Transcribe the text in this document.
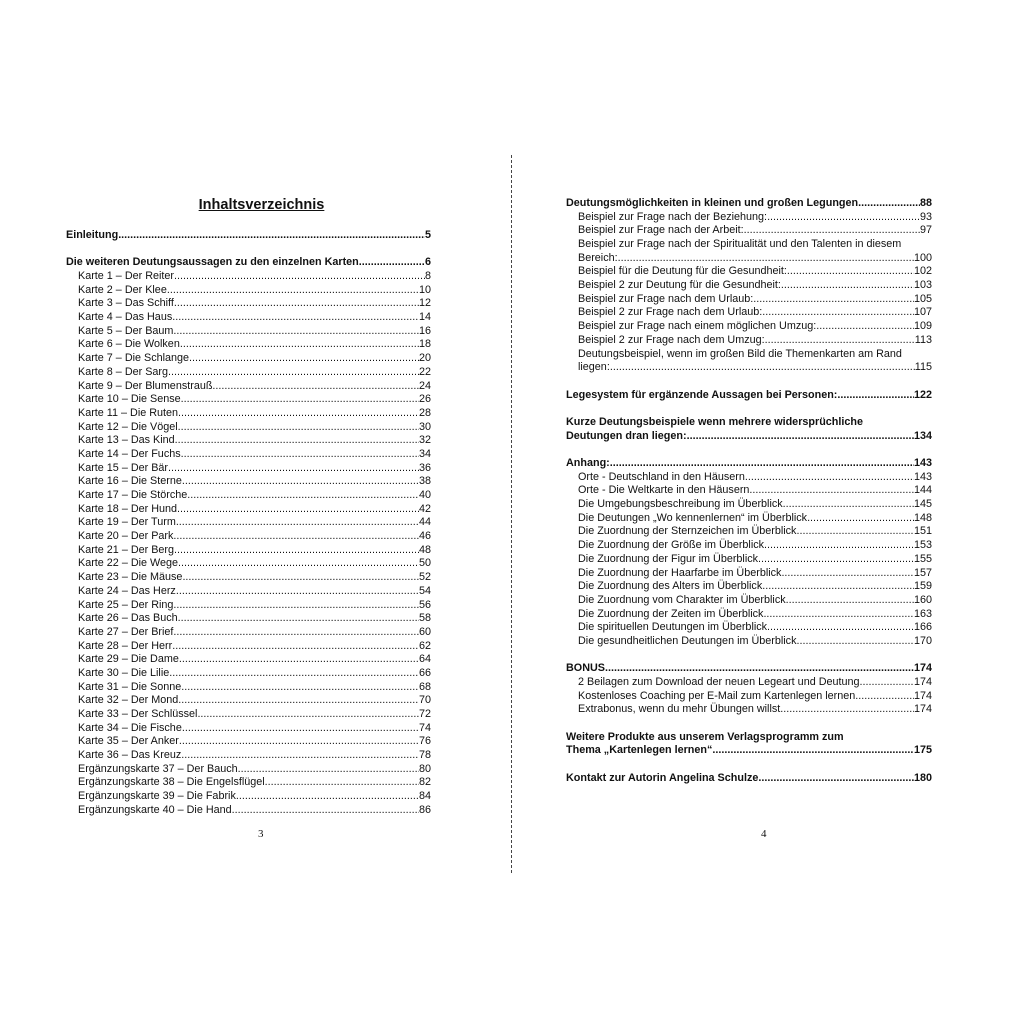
Inhaltsverzeichnis
Einleitung .....	5
Die weiteren Deutungsaussagen zu den einzelnen Karten .....	6
Karte 1 – Der Reiter .....	8
Karte 2 – Der Klee .....	10
Karte 3 – Das Schiff .....	12
Karte 4 – Das Haus .....	14
Karte 5 – Der Baum .....	16
Karte 6 – Die Wolken .....	18
Karte 7 – Die Schlange .....	20
Karte 8 – Der Sarg .....	22
Karte 9 – Der Blumenstrauß .....	24
Karte 10 – Die Sense .....	26
Karte 11 – Die Ruten .....	28
Karte 12 – Die Vögel .....	30
Karte 13 – Das Kind .....	32
Karte 14 – Der Fuchs .....	34
Karte 15 – Der Bär .....	36
Karte 16 – Die Sterne .....	38
Karte 17 – Die Störche .....	40
Karte 18 – Der Hund .....	42
Karte 19 – Der Turm .....	44
Karte 20 – Der Park .....	46
Karte 21 – Der Berg .....	48
Karte 22 – Die Wege .....	50
Karte 23 – Die Mäuse .....	52
Karte 24 – Das Herz .....	54
Karte 25 – Der Ring .....	56
Karte 26 – Das Buch .....	58
Karte 27 – Der Brief .....	60
Karte 28 – Der Herr .....	62
Karte 29 – Die Dame .....	64
Karte 30 – Die Lilie .....	66
Karte 31 – Die Sonne .....	68
Karte 32 – Der Mond .....	70
Karte 33 – Der Schlüssel .....	72
Karte 34 – Die Fische .....	74
Karte 35 – Der Anker .....	76
Karte 36 – Das Kreuz .....	78
Ergänzungskarte 37 – Der Bauch .....	80
Ergänzungskarte 38 – Die Engelsflügel .....	82
Ergänzungskarte 39 – Die Fabrik .....	84
Ergänzungskarte 40 – Die Hand .....	86
3
Deutungsmöglichkeiten in kleinen und großen Legungen .....	88
Beispiel zur Frage nach der Beziehung: .....	93
Beispiel zur Frage nach der Arbeit: .....	97
Beispiel zur Frage nach der Spiritualität und den Talenten in diesem
Bereich: .....	100
Beispiel für die Deutung für die Gesundheit: .....	102
Beispiel 2 zur Deutung für die Gesundheit: .....	103
Beispiel zur Frage nach dem Urlaub: .....	105
Beispiel 2 zur Frage nach dem Urlaub: .....	107
Beispiel zur Frage nach einem möglichen Umzug: .....	109
Beispiel 2 zur Frage nach dem Umzug: .....	113
Deutungsbeispiel, wenn im großen Bild die Themenkarten am Rand
liegen: .....	115
Legesystem für ergänzende Aussagen bei Personen: .....	122
Kurze Deutungsbeispiele wenn mehrere widersprüchliche
Deutungen dran liegen: .....	134
Anhang: .....	143
Orte - Deutschland in den Häusern .....	143
Orte - Die Weltkarte in den Häusern .....	144
Die Umgebungsbeschreibung im Überblick .....	145
Die Deutungen „Wo kennenlernen“ im Überblick .....	148
Die Zuordnung der Sternzeichen im Überblick .....	151
Die Zuordnung der Größe im Überblick .....	153
Die Zuordnung der Figur im Überblick .....	155
Die Zuordnung der Haarfarbe im Überblick .....	157
Die Zuordnung des Alters im Überblick .....	159
Die Zuordnung vom Charakter im Überblick .....	160
Die Zuordnung der Zeiten im Überblick .....	163
Die spirituellen Deutungen im Überblick .....	166
Die gesundheitlichen Deutungen im Überblick .....	170
BONUS .....	174
2 Beilagen zum Download der neuen Legeart und Deutung .....	174
Kostenloses Coaching per E-Mail zum Kartenlegen lernen .....	174
Extrabonus, wenn du mehr Übungen willst .....	174
Weitere Produkte aus unserem Verlagsprogramm zum
Thema „Kartenlegen lernen“ .....	175
Kontakt zur Autorin Angelina Schulze .....	180
4
